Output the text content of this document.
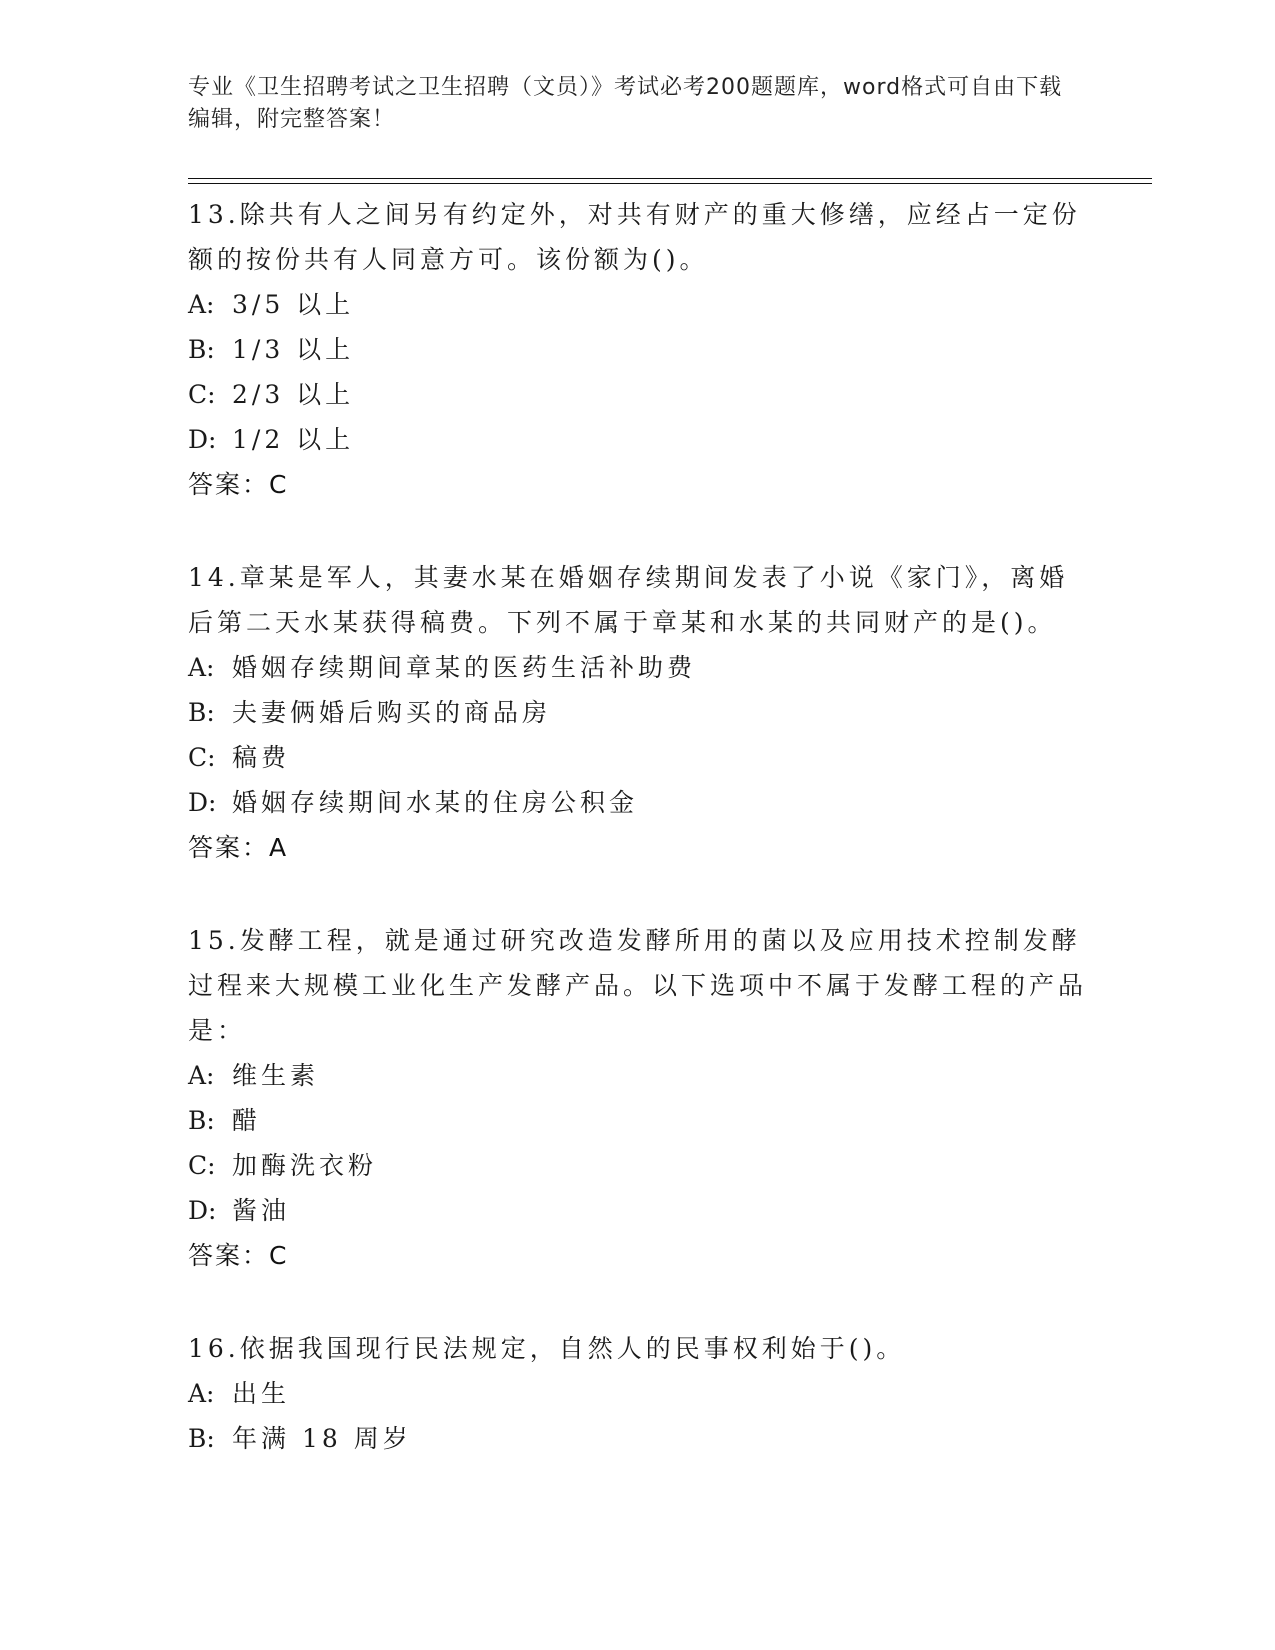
专业《卫生招聘考试之卫生招聘（文员）》考试必考200题题库，word格式可自由下载编辑，附完整答案！
13.除共有人之间另有约定外，对共有财产的重大修缮，应经占一定份额的按份共有人同意方可。该份额为()。
A: 3/5 以上
B: 1/3 以上
C: 2/3 以上
D: 1/2 以上
答案：C
14.章某是军人，其妻水某在婚姻存续期间发表了小说《家门》，离婚后第二天水某获得稿费。下列不属于章某和水某的共同财产的是()。
A: 婚姻存续期间章某的医药生活补助费
B: 夫妻俩婚后购买的商品房
C: 稿费
D: 婚姻存续期间水某的住房公积金
答案：A
15.发酵工程，就是通过研究改造发酵所用的菌以及应用技术控制发酵过程来大规模工业化生产发酵产品。以下选项中不属于发酵工程的产品是：
A: 维生素
B: 醋
C: 加酶洗衣粉
D: 酱油
答案：C
16.依据我国现行民法规定，自然人的民事权利始于()。
A: 出生
B: 年满 18 周岁
